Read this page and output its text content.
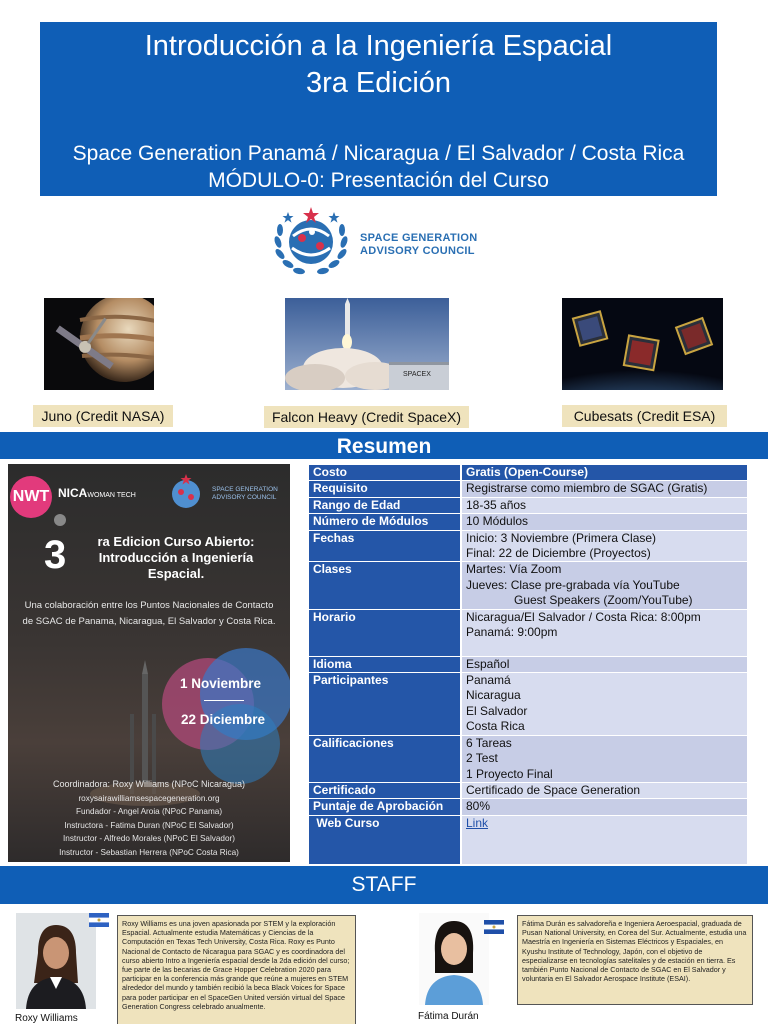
Introducción a la Ingeniería Espacial
3ra Edición
Space Generation Panamá / Nicaragua / El Salvador / Costa Rica
MÓDULO-0: Presentación del Curso
SPACE GENERATION
ADVISORY COUNCIL
SPACEX
Juno (Credit NASA)	Falcon Heavy (Credit SpaceX)	Cubesats (Credit ESA)
Resumen
NWT NICAWOMAN TECH
SPACE GENERATION
ADVISORY COUNCIL
3	ra Edicion Curso Abierto:
Introducción a Ingeniería
Espacial.
Una colaboración entre los Puntos Nacionales de Contacto
de SGAC de Panama, Nicaragua, El Salvador y Costa Rica.
1 Noviembre
22 Diciembre
Coordinadora: Roxy Williams (NPoC Nicaragua)
roxysairawilliamsespacegeneration.org
Fundador - Angel Aroia (NPoC Panama)
Instructora - Fatima Duran (NPoC El Salvador)
Instructor - Alfredo Morales (NPoC El Salvador)
Instructor - Sebastian Herrera (NPoC Costa Rica)
Costo	Gratis (Open-Course)
Requisito	Registrarse como miembro de SGAC (Gratis)
Rango de Edad	18-35 años
Número de Módulos	10 Módulos
Fechas	Inicio: 3 Noviembre (Primera Clase)
Final: 22 de Diciembre (Proyectos)

Clases	Martes: Vía Zoom
Jueves: Clase pre-grabada vía YouTube
Guest Speakers (Zoom/YouTube)

Horario	Nicaragua/El Salvador / Costa Rica: 8:00pm
Panamá: 9:00pm

Idioma	Español
Participantes	Panamá
Nicaragua
El Salvador
Costa Rica

Calificaciones	6 Tareas
2 Test
1 Proyecto Final

Certificado	Certificado de Space Generation
Puntaje de Aprobación	80%
Web Curso	Link
STAFF
Roxy Williams
Roxy Williams es una joven apasionada por STEM y la exploración Espacial. Actualmente estudia Matemáticas y Ciencias de la Computación en Texas Tech University, Costa Rica. Roxy es Punto Nacional de Contacto de Nicaragua para SGAC y es coordinadora del curso abierto Intro a Ingeniería espacial desde la 2da edición del curso; fue parte de las becarias de Grace Hopper Celebration 2020 para participar en la conferencia más grande que reúne a mujeres en STEM alrededor del mundo y también recibió la beca Black Voices for Space para poder participar en el SpaceGen United versión virtual del Space Generation Congress celebrado anualmente.
Fátima Durán
Fátima Durán es salvadoreña e Ingeniera Aeroespacial, graduada de Pusan National University, en Corea del Sur. Actualmente, estudia una Maestría en Ingeniería en Sistemas Eléctricos y Espaciales, en Kyushu Institute of Technology, Japón, con el objetivo de especializarse en tecnologías satelitales y de estación en tierra. Es también Punto Nacional de Contacto de SGAC en El Salvador y voluntaria en El Salvador Aerospace Institute (ESAI).
